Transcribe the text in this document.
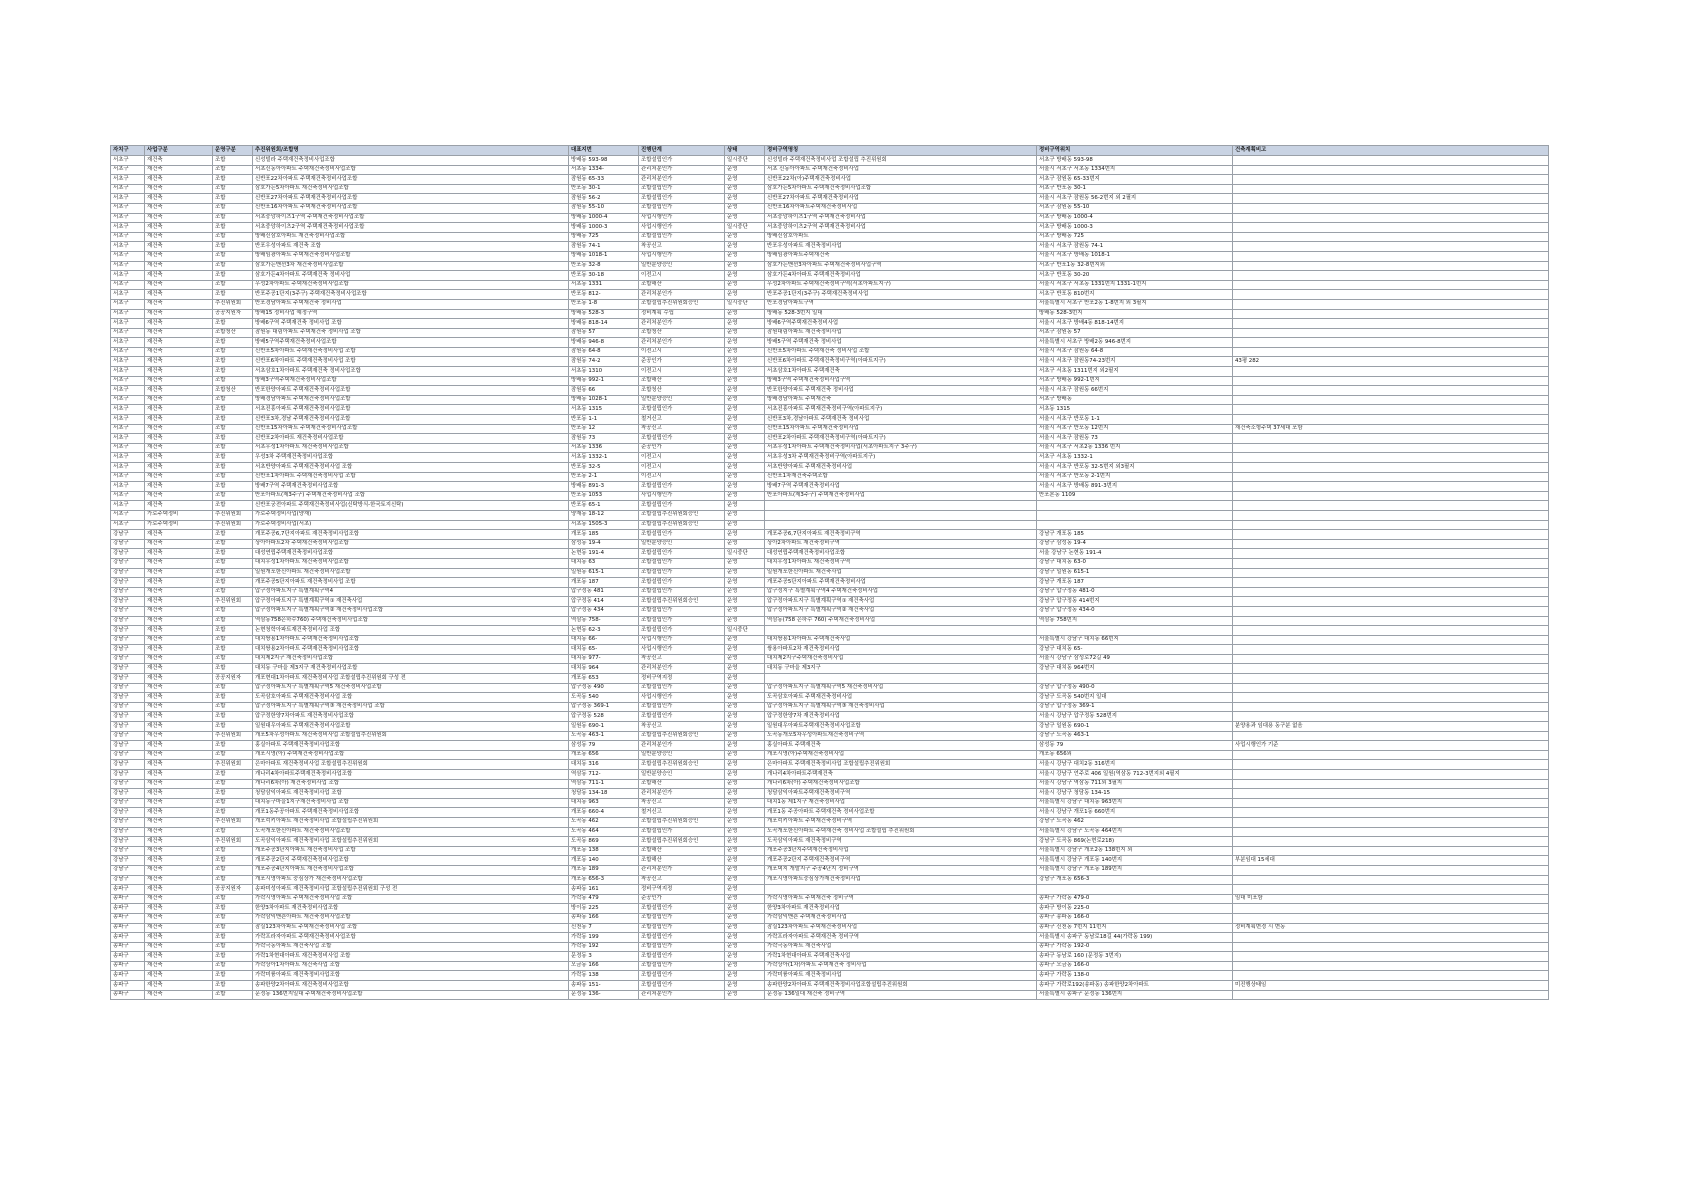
자치구	사업구분	운영구분	추진위원회/조합명	대표지번	진행단계	상태	정비구역명칭	정비구역위치	건축계획비고
서초구	재건축	조합	신성빌라 주택재건축정비사업조합	방배동 593-98	조합설립인가	일시중단	신성빌라 주택재건축정비사업 조합설립 추진위원회	서초구 방배동 593-98	
서초구	재건축	조합	서초신동아아파트 주택재건축정비사업조합	서초동 1334-	관리처분인가	운영	서초 신동아아파트 주택재건축정비사업	서울시 서초구 서초동 1334번지	
서초구	재건축	조합	신반포22차아파트 주택재건축정비사업조합	잠원동 65-33	관리처분인가	운영	신반포22차(아)주택재건축정비사업	서초구 잠원동 65-33번지	
서초구	재건축	조합	삼호가든5차아파트 재건축정비사업조합	반포동 30-1	조합설립인가	운영	삼호가든5차아파트 주택재건축정비사업조합	서초구 반포동 30-1	
서초구	재건축	조합	신반포27차아파트 주택재건축정비사업조합	잠원동 56-2	조합설립인가	운영	신반포27차아파트 주택재건축정비사업	서울시 서초구 잠원동 56-2번지 외 2필지	
서초구	재건축	조합	신반포16차아파트 주택재건축정비사업조합	잠원동 55-10	조합설립인가	운영	신반포16차아파트주택재건축정비사업	서초구 잠원동 55-10	
서초구	재건축	조합	서초중앙하이츠1구역 주택재건축정비사업조합	방배동 1000-4	사업시행인가	운영	서초중앙하이츠1구역 주택재건축정비사업	서초구 방배동 1000-4	
서초구	재건축	조합	서초중앙하이츠2구역 주택재건축정비사업조합	방배동 1000-3	사업시행인가	일시중단	서초중앙하이츠2구역 주택재건축정비사업	서초구 방배동 1000-3	
서초구	재건축	조합	방배신삼호아파트 재건축정비사업조합	방배동 725	조합설립인가	운영	방배신삼호아파트	서초구 방배동 725	
서초구	재건축	조합	반포우성아파트 재건축 조합	잠원동 74-1	착공신고	운영	반포우성아파트 재건축정비사업	서울시 서초구 잠원동 74-1	
서초구	재건축	조합	방배임광아파트 주택재건축정비사업조합	방배동 1018-1	사업시행인가	운영	방배임광아파트주택재건축	서울시 서초구 방배동 1018-1	
서초구	재건축	조합	삼호가든맨션3차 재건축정비사업조합	반포동 32-8	일반분양승인	운영	삼호가든맨션3차아파트 주택재건축정비사업구역	서초구 반포1동 32-8번지외	
서초구	재건축	조합	삼호가든4차아파트 주택재건축 정비사업	반포동 30-18	이전고시	운영	삼호가든4차아파트 주택재건축정비사업	서초구 반포동 30-20	
서초구	재건축	조합	우성2차아파트 주택재건축정비사업조합	서초동 1331	조합해산	운영	우성2차아파트 주택재건축정비구역(서초아파트지구)	서울시 서초구 서초동 1331번지 1331-1번지	
서초구	재건축	조합	반포주공1단지(3주구) 주택재건축정비사업조합	반포동 812-	관리처분인가	운영	반포주공1단지(3주구) 주택재건축정비사업	서초구 반포동 810번지	
서초구	재건축	추진위원회	반포경남아파트 주택재건축 정비사업	반포동 1-8	조합설립추진위원회승인	일시중단	반포경남아파트구역	서울특별시 서초구 반포2동 1-8번지 외 3필지	
서초구	재건축	공공지원자	방배15 정비사업 예정구역	방배동 528-3	정비계획 수립	운영	방배동 528-3번지 일대	방배동 528-3번지	
서초구	재건축	조합	방배6구역 주택재건축 정비사업 조합	방배동 818-14	관리처분인가	운영	방배6구역주택재건축정비사업	서울시 서초구 방배4동 818-14번지	
서초구	재건축	조합청산	잠원동 대림아파트 주택재건축 정비사업 조합	잠원동 57	조합청산	운영	잠원대림아파트 재건축정비사업	서초구 잠원동 57	
서초구	재건축	조합	방배5구역주택재건축정비사업조합	방배동 946-8	관리처분인가	운영	방배5구역 주택재건축 정비사업	서울특별시 서초구 방배2동 946-8번지	
서초구	재건축	조합	신반포5차아파트 주택재건축정비사업 조합	잠원동 64-8	이전고시	운영	신반포5차아파트 주택재건축 정비사업 조합	서울시 서초구 잠원동 64-8	
서초구	재건축	조합	신반포6차아파트 주택재건축정비사업 조합	잠원동 74-2	준공인가	운영	신반포6차아파트 주택재건축정비구역(아파트지구)	서울시 서초구 잠원동74-23번지	43평 282
서초구	재건축	조합	서초삼호1차아파트 주택재건축 정비사업조합	서초동 1310	이전고시	운영	서초삼호1차아파트 주택재건축	서초구 서초동 1311번지 외2필지	
서초구	재건축	조합	방배3구역주택재건축정비사업조합	방배동 992-1	조합해산	운영	방배3구역 주택재건축정비사업구역	서초구 방배동 992-1번지	
서초구	재건축	조합청산	반포한양아파트 주택재건축정비사업조합	잠원동 66	조합청산	운영	반포한양아파트 주택재건축 정비사업	서울시 서초구 잠원동 66번지	
서초구	재건축	조합	방배경남아파트 주택재건축정비사업조합	방배동 1028-1	일반분양승인	운영	방배경남아파트 주택재건축	서초구 방배동	
서초구	재건축	조합	서초진흥아파트 주택재건축정비사업조합	서초동 1315	조합설립인가	운영	서초진흥아파트 주택재건축정비구역(아파트지구)	서초동 1315	
서초구	재건축	조합	신반포3차,경남 주택재건축정비사업조합	반포동 1-1	철거신고	운영	신반포3차,경남아파트 주택재건축 정비사업	서울시 서초구 반포동 1-1	
서초구	재건축	조합	신반포15차아파트 주택재건축정비사업조합	반포동 12	착공신고	운영	신반포15차아파트 주택재건축정비사업	서울시 서초구 반포동 12번지	재건축소형주택 37세대 포함
서초구	재건축	조합	신반포2차아파트 재건축정비사업조합	잠원동 73	조합설립인가	운영	신반포2차아파트 주택재건축정비구역(아파트지구)	서울시 서초구 잠원동 73	
서초구	재건축	조합	서초우성1차아파트 재건축정비사업조합	서초동 1336	준공인가	운영	서초우성1차아파트 주택재건축정비사업(서초아파트지구 3주구)	서울시 서초구 서초2동 1336 번지	
서초구	재건축	조합	우성3차 주택재건축정비사업조합	서초동 1332-1	이전고시	운영	서초우성3차 주택재건축정비구역(아파트지구)	서초구 서초동 1332-1	
서초구	재건축	조합	서초반양아파트 주택재건축정비사업 조합	반포동 32-5	이전고시	운영	서초반양아파트 주택재건축정비사업	서울시 서초구 반포동 32-5번지 외3필지	
서초구	재건축	조합	신반포1차아파트 주택재건축정비사업 조합	반포동 2-1	이전고시	운영	신반포1차재건축주택조합	서울시 서초구 반포동 2-1번지	
서초구	재건축	조합	방배7구역 주택재건축정비사업조합	방배동 891-3	조합설립인가	운영	방배7구역 주택재건축정비사업	서울시 서초구 방배동 891-3번지	
서초구	재건축	조합	반포아파트(제3주구) 주택재건축정비사업 조합	반포동 1053	사업시행인가	운영	반포아파트(제3주구) 주택재건축정비사업	반포본동 1109	
서초구	재건축	조합	신반포궁전아파트 주택재건축정비사업(신탁방식-한국토지신탁)	반포동 65-1	조합설립인가	운영			
서초구	가로주택정비	추진위원회	가로주택정비사업(양재)	양재동 18-12	조합설립추진위원회승인	운영			
서초구	가로주택정비	추진위원회	가로주택정비사업(서초)	서초동 1505-3	조합설립추진위원회승인	운영			
강남구	재건축	조합	개포주공6,7단지아파트 재건축정비사업조합	개포동 185	조합설립인가	운영	개포주공6,7단지아파트 재건축정비구역	강남구 개포동 185	
강남구	재건축	조합	상아아파트2차 주택재건축정비사업조합	삼성동 19-4	일반분양승인	운영	상아2차아파트 재건축정비구역	강남구 삼성동 19-4	
강남구	재건축	조합	대성연립주택재건축정비사업조합	논현동 191-4	조합설립인가	일시중단	대성연립주택재건축정비사업조합	서울 강남구 논현동 191-4	
강남구	재건축	조합	대치우성1차아파트 재건축정비사업조합	대치동 63	조합설립인가	운영	대치우성1차아파트 재건축정비구역	강남구 대치동 63-0	
강남구	재건축	조합	일원개포한신아파트 재건축정비사업조합	일원동 615-1	조합설립인가	운영	일원개포한신아파트 재건축사업	강남구 일원동 615-1	
강남구	재건축	조합	개포주공5단지아파트 재건축정비사업 조합	개포동 187	조합설립인가	운영	개포주공5단지아파트 주택재건축정비사업	강남구 개포동 187	
강남구	재건축	조합	압구정아파트지구 특별계획구역4	압구정동 481	조합설립인가	운영	압구정지구 특별계획구역4 주택재건축정비사업	강남구 압구정동 481-0	
강남구	재건축	추진위원회	압구정아파트지구 특별계획구역① 재건축사업	압구정동 414	조합설립추진위원회승인	운영	압구정아파트지구 특별계획구역① 재건축사업	강남구 압구정동 414번지	
강남구	재건축	조합	압구정아파트지구 특별계획구역② 재건축정비사업조합	압구정동 434	조합설립인가	운영	압구정아파트지구 특별계획구역② 재건축사업	강남구 압구정동 434-0	
강남구	재건축	조합	역삼동758은하수760) 주택재건축정비사업조합	역삼동 758-	조합설립인가	운영	역삼동(758 은하수 760) 주택재건축정비사업	역삼동 758번지	
강남구	재건축	조합	논현청학아파트재건축정비사업 조합	논현동 62-3	조합설립인가	일시중단			
강남구	재건축	조합	대치쌍용1차아파트 주택재건축정비사업조합	대치동 66-	사업시행인가	운영	대치쌍용1차아파트 주택재건축사업	서울특별시 강남구 대치동 66번지	
강남구	재건축	조합	대치쌍용2차아파트 주택재건축정비사업조합	대치동 65-	사업시행인가	운영	쌍용아파트2차 재건축정비사업	강남구 대치동 65-	
강남구	재건축	조합	대치제2지구 재건축정비사업조합	대치동 977-	착공신고	운영	대치제2지구주택재건축정비사업	서울시 강남구 삼성로72길 49	
강남구	재건축	조합	대치동 구마을 제3지구 재건축정비사업조합	대치동 964	관리처분인가	운영	대치동 구마을 제3지구	강남구 대치동 964번지	
강남구	재건축	공공지원자	개포현대1차아파트 재건축정비사업 조합설립추진위원회 구성 전	개포동 653	정비구역지정	운영			
강남구	재건축	조합	압구정아파트지구 특별계획구역5 재건축정비사업조합	압구정동 490	조합설립인가	운영	압구정아파트지구 특별계획구역5 재건축정비사업	강남구 압구정동 490-0	
강남구	재건축	조합	도곡삼호아파트 주택재건축정비사업 조합	도곡동 540	사업시행인가	운영	도곡삼호아파트 주택재건축정비사업	강남구 도곡동 540번지 일대	
강남구	재건축	조합	압구정아파트지구 특별계획구역③ 재건축정비사업 조합	압구정동 369-1	조합설립인가	운영	압구정아파트지구 특별계획구역③ 재건축정비사업	강남구 압구정동 369-1	
강남구	재건축	조합	압구정한양7차아파트 재건축정비사업조합	압구정동 528	조합설립인가	운영	압구정한양7차 재건축정비사업	서울시 강남구 압구정동 528번지	
강남구	재건축	조합	일원대우아파트 주택재건축정비사업조합	일원동 690-1	착공신고	운영	일원대우아파트주택재건축정비사업조합	강남구 일원동 690-1	분양용과 임대용 동구분 없음
강남구	재건축	추진위원회	개포5차우성아파트 재건축정비사업 조합설립추진위원회	도곡동 463-1	조합설립추진위원회승인	운영	도곡동개포5차우성아파트재건축정비구역	강남구 도곡동 463-1	
강남구	재건축	조합	홍실아파트 주택재건축정비사업조합	삼성동 79	관리처분인가	운영	홍실아파트 주택재건축	삼성동 79	사업시행인가 기준
강남구	재건축	조합	개포시영(아) 주택재건축정비사업조합	개포동 656	일반분양승인	운영	개포시영(아)주택재건축정비사업	개포동 656외	
강남구	재건축	추진위원회	은마아파트 재건축정비사업 조합설립추진위원회	대치동 316	조합설립추진위원회승인	운영	은마아파트 주택재건축정비사업 조합설립추진위원회	서울시 강남구 대치2동 316번지	
강남구	재건축	조합	개나리4차아파트주택재건축정비사업조합	역삼동 712-	일반분양승인	운영	개나리4차아파트주택재건축	서울시 강남구 언주로 406 일원(역삼동 712-3번지외 4필지	
강남구	재건축	조합	개나리6차(아) 재건축정비사업 조합	역삼동 711-1	조합해산	운영	개나리6차(아) 주택재건축정비사업조합	서울시 강남구 역삼동 711외 3필지	
강남구	재건축	조합	청담삼익아파트 재건축정비사업 조합	청담동 134-18	관리처분인가	운영	청담삼익아파트주택재건축정비구역	서울시 강남구 청담동 134-15	
강남구	재건축	조합	대치동구마을1지구재건축정비사업 조합	대치동 963	착공신고	운영	대치1동 제1지구 재건축정비사업	서울특별시 강남구 대치동 963번지	
강남구	재건축	조합	개포1동주공아파트 주택재건축정비사업조합	개포동 660-4	철거신고	운영	개포1동 주공아파트 주택재건축 정비사업조합	서울시 강남구 개포1동 660번지	
강남구	재건축	추진위원회	개포럭키아파트 재건축정비사업 조합설립추진위원회	도곡동 462	조합설립추진위원회승인	운영	개포럭키아파트 주택재건축정비구역	강남구 도곡동 462	
강남구	재건축	조합	도곡개포한신아파트 재건축정비사업조합	도곡동 464	조합설립인가	운영	도곡개포한신아파트 주택재건축 정비사업 조합설립 추진위원회	서울특별시 강남구 도곡동 464번지	
강남구	재건축	추진위원회	도곡삼익아파트 재건축정비사업 조합설립추진위원회	도곡동 869	조합설립추진위원회승인	운영	도곡삼익아파트 재건축정비구역	강남구 도곡동 869(논현로218)	
강남구	재건축	조합	개포주공3단지아파트 재건축정비사업 조합	개포동 138	조합해산	운영	개포주공3단지주택재건축정비사업	서울특별시 강남구 개포2동 138번지 외	
강남구	재건축	조합	개포주공2단지 주택재건축정비사업조합	개포동 140	조합해산	운영	개포주공2단지 주택재건축정비구역	서울특별시 강남구 개포동 140번지	부분임대 15세대
강남구	재건축	조합	개포주공4단지아파트 재건축정비사업조합	개포동 189	관리처분인가	운영	개포택지 개발지구 주공4단지 정비구역	서울특별시 강남구 개포동 189번지	
강남구	재건축	조합	개포시영아파트 중심상가 재건축정비사업조합	개포동 656-3	착공신고	운영	개포시영아파트중심상가재건축정비사업	강남구 개포동 656-3	
송파구	재건축	공공지원자	송파미성아파트 재건축정비사업 조합설립추진위원회 구성 전	송파동 161	정비구역지정	운영			
송파구	재건축	조합	가락시영아파트 주택재건축정비사업 조합	가락동 479	준공인가	운영	가락시영아파트 주택재건축 정비구역	송파구 가락동 479-0	임대 미포함
송파구	재건축	조합	한양3차아파트 재건축정비사업조합	방이동 225	조합설립인가	운영	한양3차아파트 재건축정비사업	송파구 방이동 225-0	
송파구	재건축	조합	가락삼익맨숀아파트 재건축정비사업조합	송파동 166	조합설립인가	운영	가락삼익맨숀 주택재건축정비사업	송파구 송파동 166-0	
송파구	재건축	조합	잠실123차아파트 주택재건축정비사업 조합	신천동 7	조합설립인가	운영	잠실123차아파트 주택재건축정비사업	송파구 신천동 7번지 11번지	정비계획변경 시 변동
송파구	재건축	조합	가락프라자아파트 주택재건축정비사업조합	가락동 199	조합설립인가	운영	가락프라자아파트 주택재건축 정비구역	서울특별시 송파구 동남로18길 44(가락동 199)	
송파구	재건축	조합	가락극동아파트 재건축사업 조합	가락동 192	조합설립인가	운영	가락극동아파트 재건축사업	송파구 가락동 192-0	
송파구	재건축	조합	가락1차현대아파트 재건축정비사업 조합	문정동 3	조합설립인가	운영	가락1차현대아파트 주택재건축사업	송파구 동남로 160 (문정동 3번지)	
송파구	재건축	조합	가락상아1차아파트 재건축사업 조합	오금동 166	조합설립인가	운영	가락상아(1차)아파트 주택재건축 정비사업	송파구 오금동 166-0	
송파구	재건축	조합	가락미륭아파트 재건축정비사업조합	가락동 138	조합설립인가	운영	가락미륭아파트 재건축정비사업	송파구 가락동 138-0	
송파구	재건축	조합	송파한양2차아파트 재건축정비사업조합	송파동 151-	조합설립인가	운영	송파한양2차아파트 주택재건축정비사업조합설립추진위원회	송파구 가락로192(송파동) 송파한양2차아파트	미진행상태임
송파구	재건축	조합	문정동 136번지일대 주택재건축정비사업조합	문정동 136-	관리처분인가	운영	문정동 136일대 재건축 정비구역	서울특별시 송파구 문정동 136번지	
